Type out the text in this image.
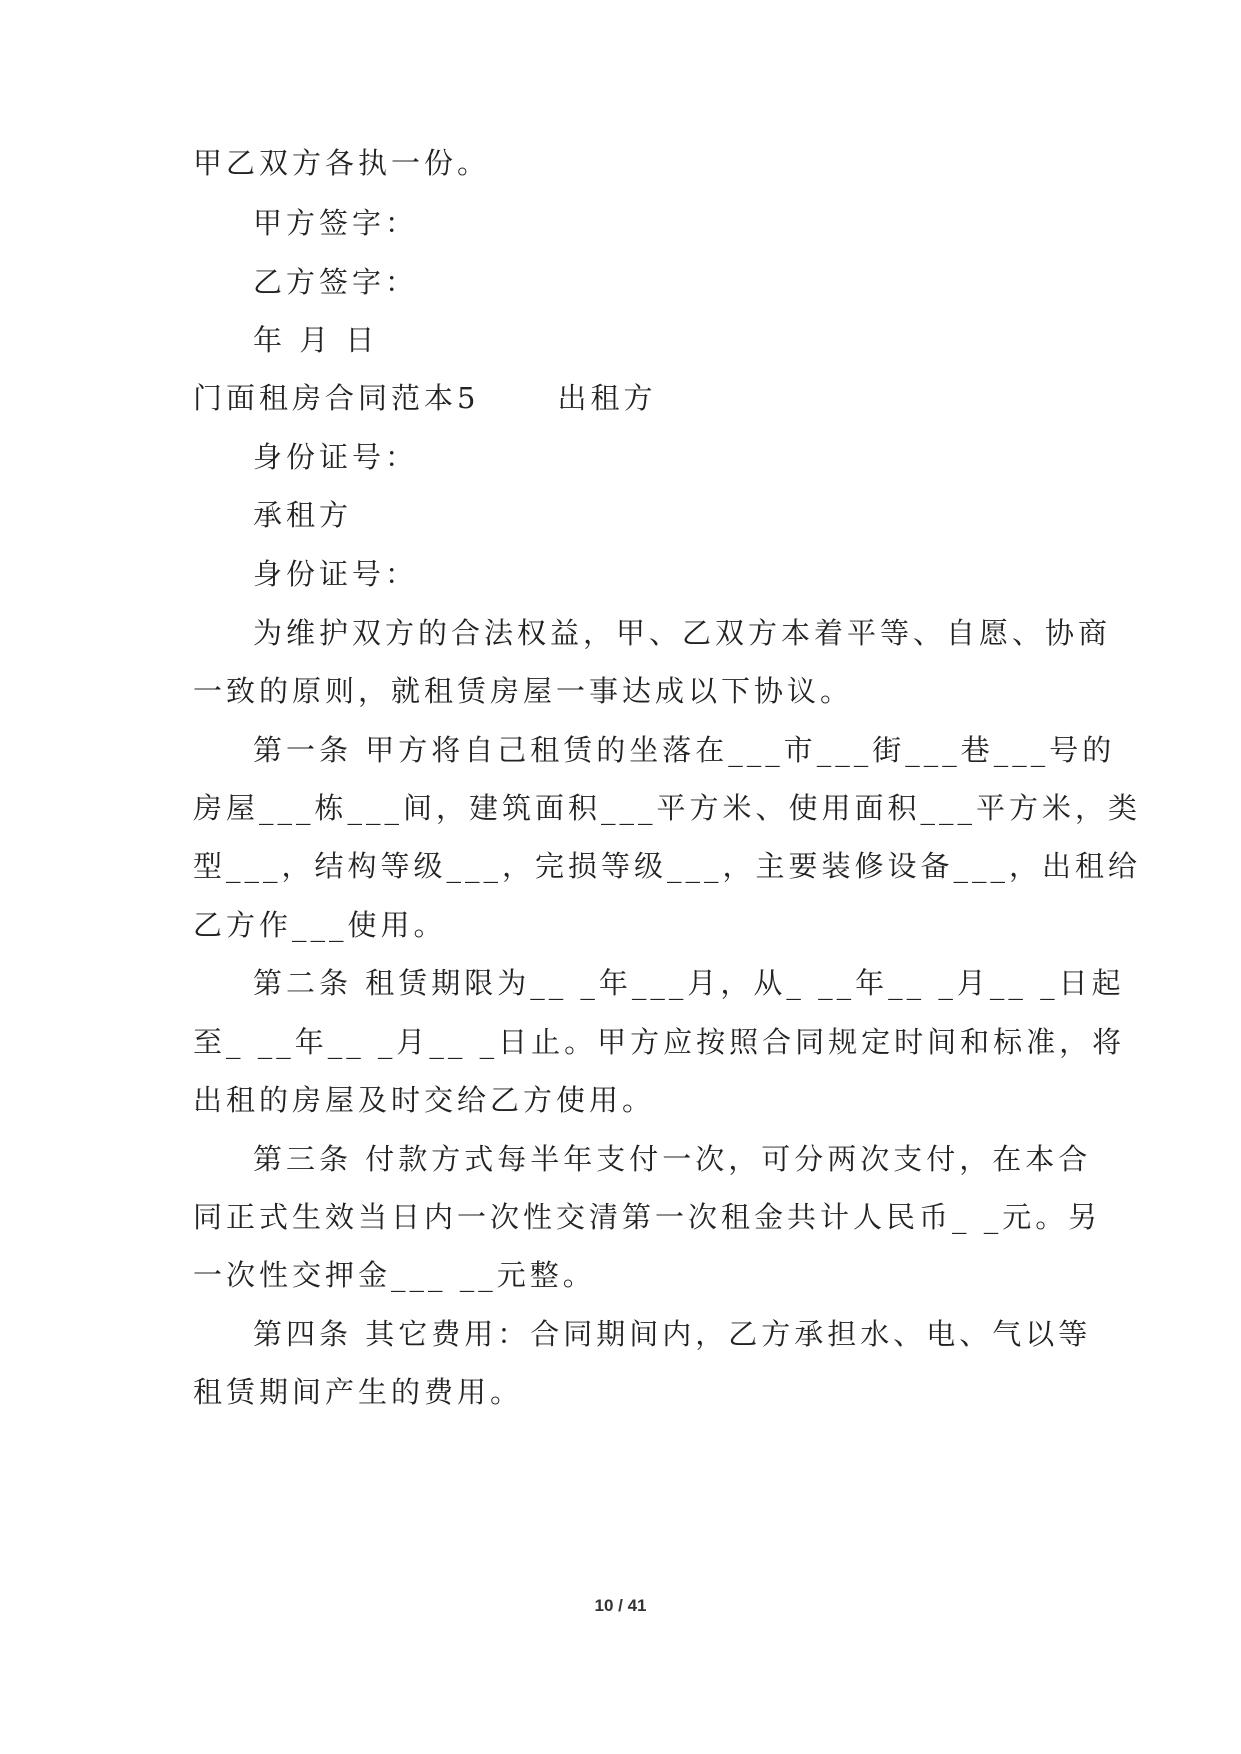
甲乙双方各执一份。
甲方签字：
乙方签字：
年 月 日
门面租房合同范本5	出租方
身份证号：
承租方
身份证号：
为维护双方的合法权益，甲、乙双方本着平等、自愿、协商
一致的原则，就租赁房屋一事达成以下协议。
第一条 甲方将自己租赁的坐落在___市___街___巷___号的
房屋___栋___间，建筑面积___平方米、使用面积___平方米，类
型___，结构等级___，完损等级___，主要装修设备___，出租给
乙方作___使用。
第二条 租赁期限为__ _年___月，从_ __年__ _月__ _日起
至_ __年__ _月__ _日止。甲方应按照合同规定时间和标准，将
出租的房屋及时交给乙方使用。
第三条 付款方式每半年支付一次，可分两次支付，在本合
同正式生效当日内一次性交清第一次租金共计人民币_ _元。另
一次性交押金___ __元整。
第四条 其它费用：合同期间内，乙方承担水、电、气以等
租赁期间产生的费用。
10 / 41
